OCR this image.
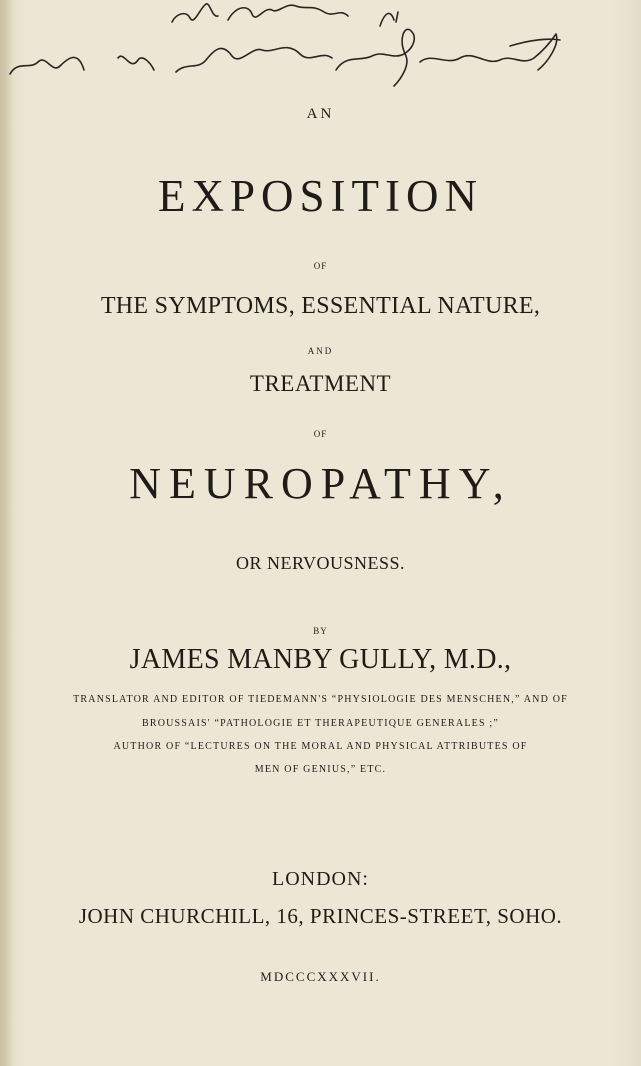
AN
EXPOSITION
OF
THE SYMPTOMS, ESSENTIAL NATURE,
AND
TREATMENT
OF
NEUROPATHY,
OR NERVOUSNESS.
BY
JAMES MANBY GULLY, M.D.,
TRANSLATOR AND EDITOR OF TIEDEMANN'S “PHYSIOLOGIE DES MENSCHEN,” AND OF
BROUSSAIS' “PATHOLOGIE ET THERAPEUTIQUE GENERALES ;”
AUTHOR OF “LECTURES ON THE MORAL AND PHYSICAL ATTRIBUTES OF
MEN OF GENIUS,” ETC.
LONDON:
JOHN CHURCHILL, 16, PRINCES-STREET, SOHO.
MDCCCXXXVII.
